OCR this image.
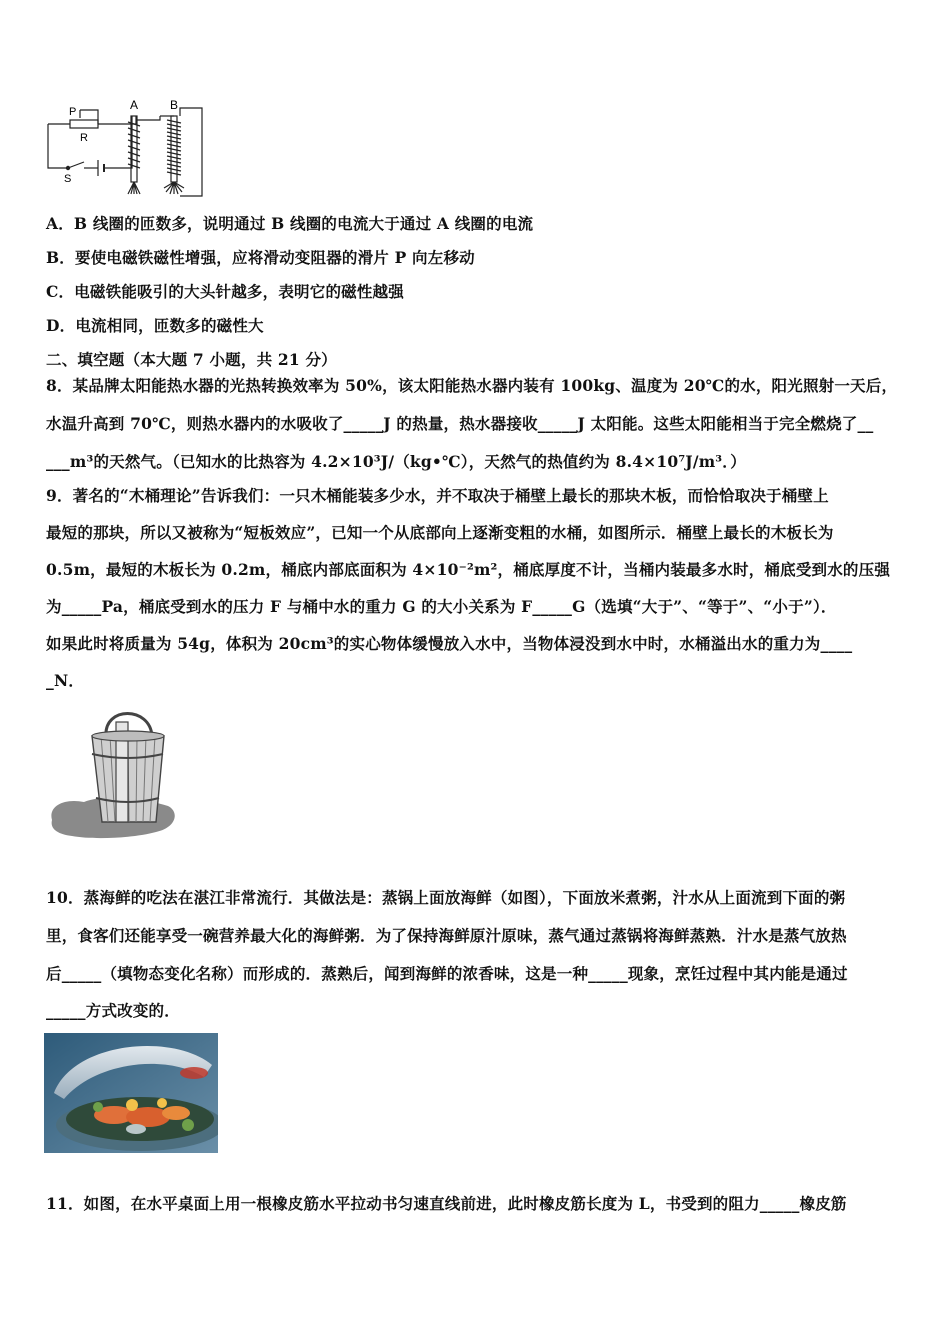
A	B
P
R
S
A．B 线圈的匝数多，说明通过 B 线圈的电流大于通过 A 线圈的电流
B．要使电磁铁磁性增强，应将滑动变阻器的滑片 P 向左移动
C．电磁铁能吸引的大头针越多，表明它的磁性越强
D．电流相同，匝数多的磁性大
二、填空题（本大题 7 小题，共 21 分）
8．某品牌太阳能热水器的光热转换效率为 50%，该太阳能热水器内装有 100kg、温度为 20℃的水，阳光照射一天后，
水温升高到 70℃，则热水器内的水吸收了_____J 的热量，热水器接收_____J 太阳能。这些太阳能相当于完全燃烧了__
___m³的天然气。（已知水的比热容为 4.2×10³J/（kg•℃），天然气的热值约为 8.4×10⁷J/m³．）
9．著名的“木桶理论”告诉我们：一只木桶能装多少水，并不取决于桶壁上最长的那块木板，而恰恰取决于桶壁上
最短的那块，所以又被称为“短板效应”，已知一个从底部向上逐渐变粗的水桶，如图所示．桶壁上最长的木板长为
0.5m，最短的木板长为 0.2m，桶底内部底面积为 4×10⁻²m²，桶底厚度不计，当桶内装最多水时，桶底受到水的压强
为_____Pa，桶底受到水的压力 F 与桶中水的重力 G 的大小关系为 F_____G（选填“大于”、“等于”、“小于”）．
如果此时将质量为 54g，体积为 20cm³的实心物体缓慢放入水中，当物体浸没到水中时，水桶溢出水的重力为____
_N．
10．蒸海鲜的吃法在湛江非常流行．其做法是：蒸锅上面放海鲜（如图），下面放米煮粥，汁水从上面流到下面的粥
里，食客们还能享受一碗营养最大化的海鲜粥．为了保持海鲜原汁原味，蒸气通过蒸锅将海鲜蒸熟．汁水是蒸气放热
后_____（填物态变化名称）而形成的．蒸熟后，闻到海鲜的浓香味，这是一种_____现象，烹饪过程中其内能是通过
_____方式改变的．
11．如图，在水平桌面上用一根橡皮筋水平拉动书匀速直线前进，此时橡皮筋长度为 L，书受到的阻力_____橡皮筋
